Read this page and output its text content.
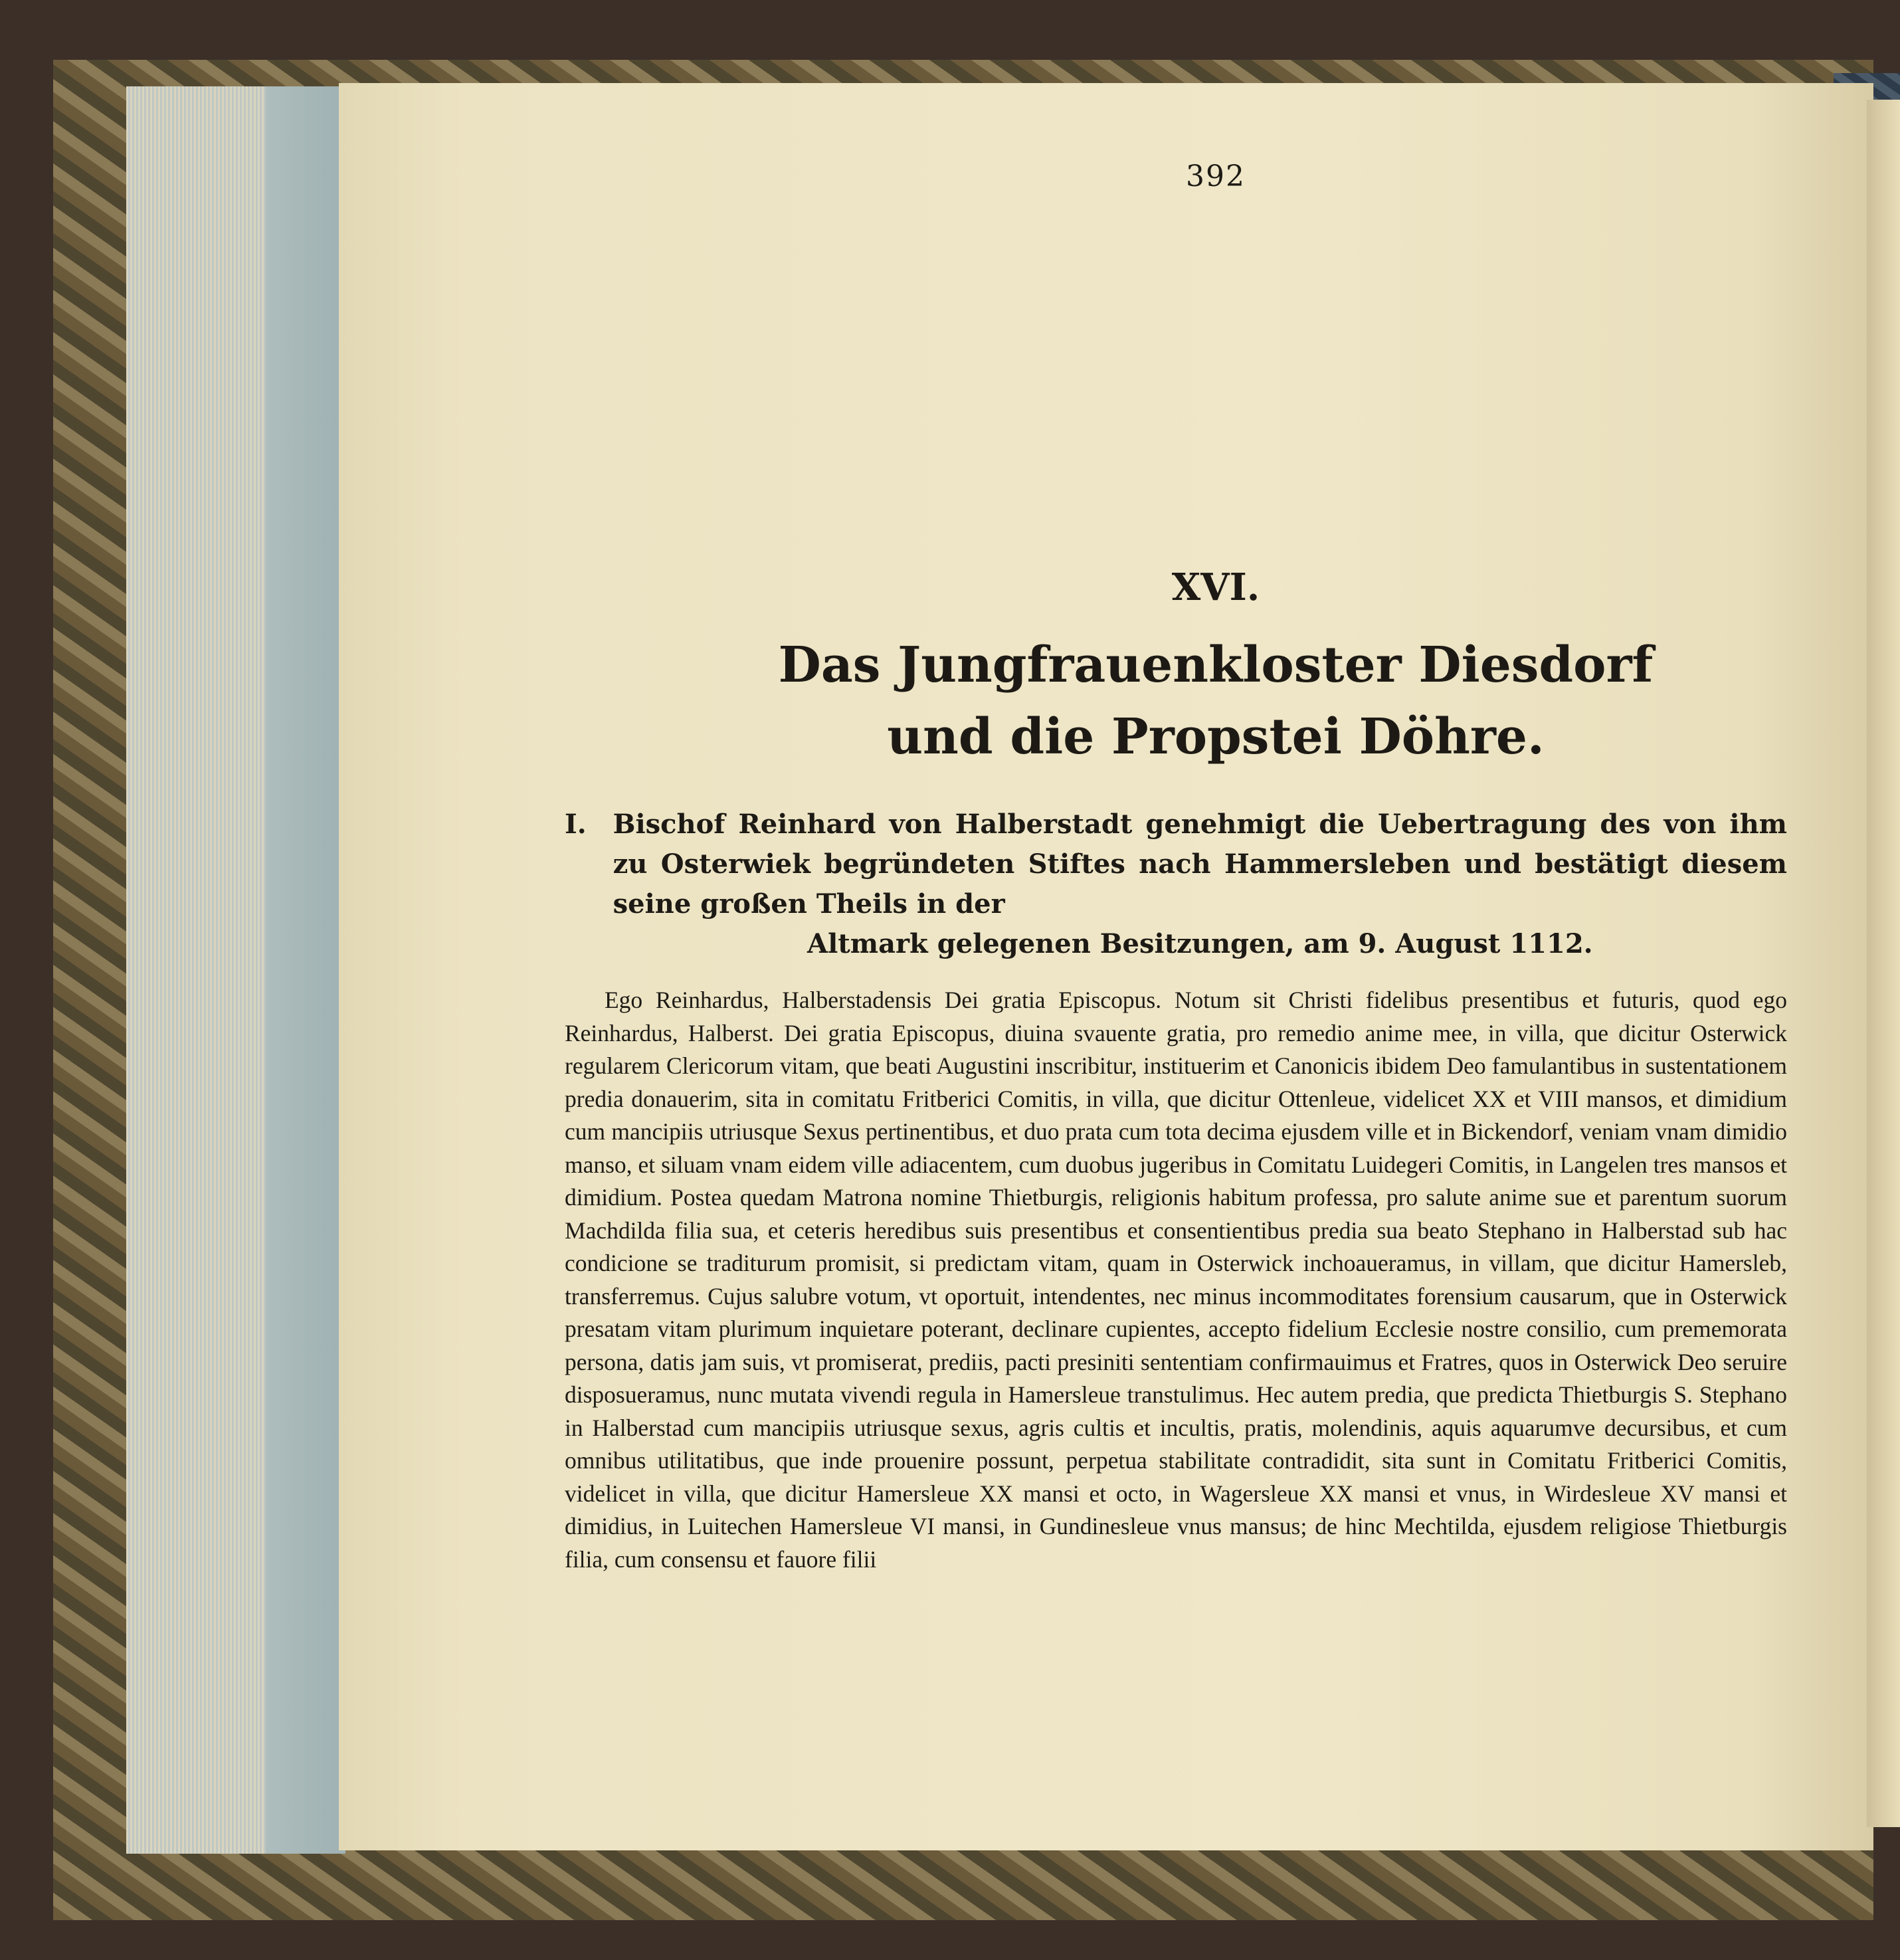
392
XVI.
Das Jungfrauenkloster Diesdorf
und die Propstei Döhre.
I. Bischof Reinhard von Halberstadt genehmigt die Uebertragung des von ihm zu Osterwiek begründeten Stiftes nach Hammersleben und bestätigt diesem seine großen Theils in der
Altmark gelegenen Besitzungen, am 9. August 1112.
Ego Reinhardus, Halberstadensis Dei gratia Episcopus. Notum sit Christi fidelibus presentibus et futuris, quod ego Reinhardus, Halberst. Dei gratia Episcopus, diuina svauente gratia, pro remedio anime mee, in villa, que dicitur Osterwick regularem Clericorum vitam, que beati Augustini inscribitur, instituerim et Canonicis ibidem Deo famulantibus in sustentationem predia donauerim, sita in comitatu Fritberici Comitis, in villa, que dicitur Ottenleue, videlicet XX et VIII mansos, et dimidium cum mancipiis utriusque Sexus pertinentibus, et duo prata cum tota decima ejusdem ville et in Bickendorf, veniam vnam dimidio manso, et siluam vnam eidem ville adiacentem, cum duobus jugeribus in Comitatu Luidegeri Comitis, in Langelen tres mansos et dimidium. Postea quedam Matrona nomine Thietburgis, religionis habitum professa, pro salute anime sue et parentum suorum Machdilda filia sua, et ceteris heredibus suis presentibus et consentientibus predia sua beato Stephano in Halberstad sub hac condicione se traditurum promisit, si predictam vitam, quam in Osterwick inchoaueramus, in villam, que dicitur Hamersleb, transferremus. Cujus salubre votum, vt oportuit, intendentes, nec minus incommoditates forensium causarum, que in Osterwick presatam vitam plurimum inquietare poterant, declinare cupientes, accepto fidelium Ecclesie nostre consilio, cum prememorata persona, datis jam suis, vt promiserat, prediis, pacti presiniti sententiam confirmauimus et Fratres, quos in Osterwick Deo seruire disposueramus, nunc mutata vivendi regula in Hamersleue transtulimus. Hec autem predia, que predicta Thietburgis S. Stephano in Halberstad cum mancipiis utriusque sexus, agris cultis et incultis, pratis, molendinis, aquis aquarumve decursibus, et cum omnibus utilitatibus, que inde prouenire possunt, perpetua stabilitate contradidit, sita sunt in Comitatu Fritberici Comitis, videlicet in villa, que dicitur Hamersleue XX mansi et octo, in Wagersleue XX mansi et vnus, in Wirdesleue XV mansi et dimidius, in Luitechen Hamersleue VI mansi, in Gundinesleue vnus mansus; de hinc Mechtilda, ejusdem religiose Thietburgis filia, cum consensu et fauore filii
